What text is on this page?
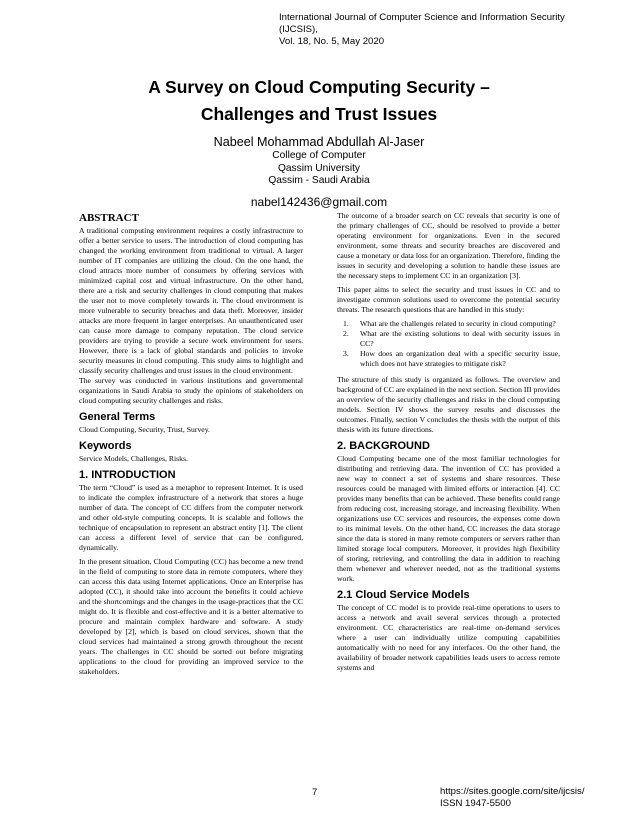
International Journal of Computer Science and Information Security (IJCSIS),
Vol. 18, No. 5, May 2020
A Survey on Cloud Computing Security –
Challenges and Trust Issues
Nabeel Mohammad Abdullah Al-Jaser
College of Computer
Qassim University
Qassim - Saudi Arabia
nabel142436@gmail.com
ABSTRACT

A traditional computing environment requires a costly infrastructure to offer a better service to users. The introduction of cloud computing has changed the working environment from traditional to virtual. A larger number of IT companies are utilizing the cloud. On the one hand, the cloud attracts more number of consumers by offering services with minimized capital cost and virtual infrastructure. On the other hand, there are a risk and security challenges in cloud computing that makes the user not to move completely towards it. The cloud environment is more vulnerable to security breaches and data theft. Moreover, insider attacks are more frequent in larger enterprises. An unauthenticated user can cause more damage to company reputation. The cloud service providers are trying to provide a secure work environment for users. However, there is a lack of global standards and policies to invoke security measures in cloud computing. This study aims to highlight and classify security challenges and trust issues in the cloud environment.

The survey was conducted in various institutions and governmental organizations in Saudi Arabia to study the opinions of stakeholders on cloud computing security challenges and risks.

General Terms

Cloud Computing, Security, Trust, Survey.

Keywords

Service Models, Challenges, Risks.

1. INTRODUCTION

The term “Cloud” is used as a metaphor to represent Internet. It is used to indicate the complex infrastructure of a network that stores a huge number of data. The concept of CC differs from the computer network and other old-style computing concepts. It is scalable and follows the technique of encapsulation to represent an abstract entity [1]. The client can access a different level of service that can be configured, dynamically.

In the present situation, Cloud Computing (CC) has become a new trend in the field of computing to store data in remote computers, where they can access this data using Internet applications. Once an Enterprise has adopted (CC), it should take into account the benefits it could achieve and the shortcomings and the changes in the usage-practices that the CC might do. It is flexible and cost-effective and it is a better alternative to procure and maintain complex hardware and software. A study developed by [2], which is based on cloud services, shown that the cloud services had maintained a strong growth throughout the recent years. The challenges in CC should be sorted out before migrating applications to the cloud for providing an improved service to the stakeholders.

The outcome of a broader search on CC reveals that security is one of the primary challenges of CC, should be resolved to provide a better operating environment for organizations. Even in the secured environment, some threats and security breaches are discovered and cause a monetary or data loss for an organization. Therefore, finding the issues in security and developing a solution to handle these issues are the necessary steps to implement CC in an organization [3].

This paper aims to select the security and trust issues in CC and to investigate common solutions used to overcome the potential security threats. The research questions that are handled in this study:

1. What are the challenges related to security in cloud computing?
2. What are the existing solutions to deal with security issues in CC?
3. How does an organization deal with a specific security issue, which does not have strategies to mitigate risk?

The structure of this study is organized as follows. The overview and background of CC are explained in the next section. Section III provides an overview of the security challenges and risks in the cloud computing models. Section IV shows the survey results and discusses the outcomes. Finally, section V concludes the thesis with the output of this thesis with its future directions.

2. BACKGROUND

Cloud Computing became one of the most familiar technologies for distributing and retrieving data. The invention of CC has provided a new way to connect a set of systems and share resources. These resources could be managed with limited efforts or interaction [4]. CC provides many benefits that can be achieved. These benefits could range from reducing cost, increasing storage, and increasing flexibility. When organizations use CC services and resources, the expenses come down to its minimal levels. On the other hand, CC increases the data storage since the data is stored in many remote computers or servers rather than limited storage local computers. Moreover, it provides high flexibility of storing, retrieving, and controlling the data in addition to reaching them whenever and wherever needed, not as the traditional systems work.

2.1 Cloud Service Models

The concept of CC model is to provide real-time operations to users to access a network and avail several services through a protected environment. CC characteristics are real-time on-demand services where a user can individually utilize computing capabilities automatically with no need for any interfaces. On the other hand, the availability of broader network capabilities leads users to access remote systems and

7	https://sites.google.com/site/ijcsis/
ISSN 1947-5500
